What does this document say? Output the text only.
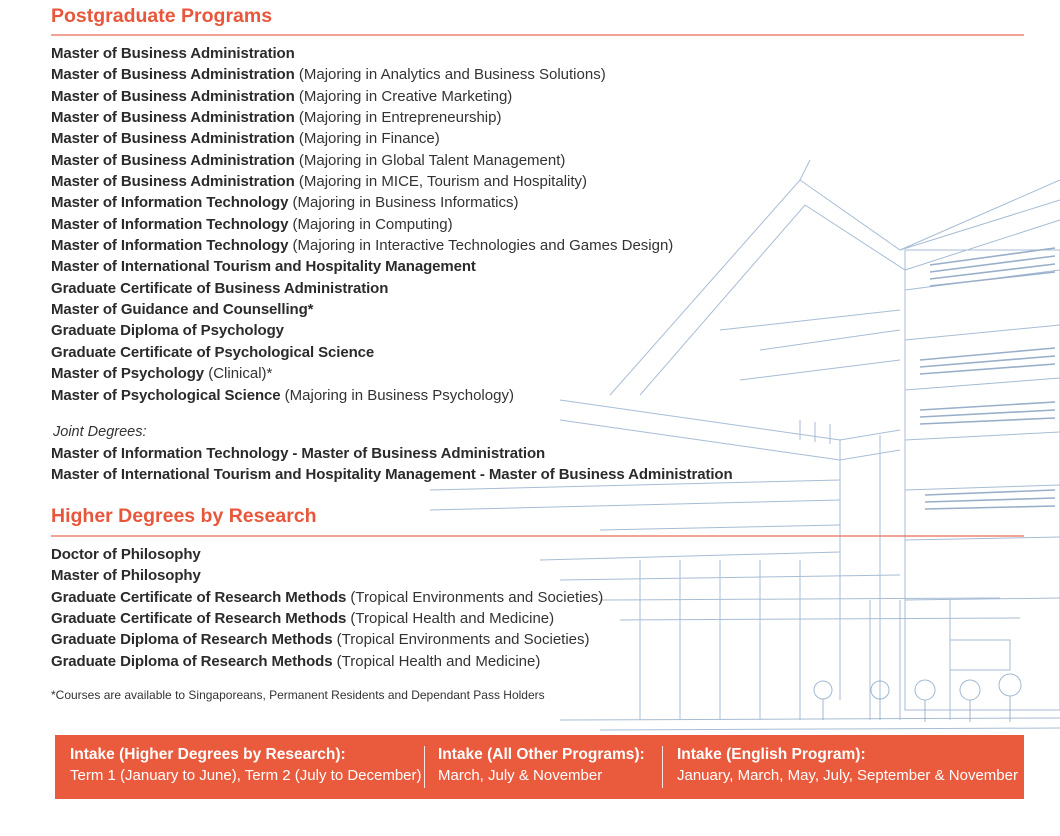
Postgraduate Programs
Master of Business Administration
Master of Business Administration (Majoring in Analytics and Business Solutions)
Master of Business Administration (Majoring in Creative Marketing)
Master of Business Administration (Majoring in Entrepreneurship)
Master of Business Administration (Majoring in Finance)
Master of Business Administration (Majoring in Global Talent Management)
Master of Business Administration (Majoring in MICE, Tourism and Hospitality)
Master of Information Technology (Majoring in Business Informatics)
Master of Information Technology (Majoring in Computing)
Master of Information Technology (Majoring in Interactive Technologies and Games Design)
Master of International Tourism and Hospitality Management
Graduate Certificate of Business Administration
Master of Guidance and Counselling*
Graduate Diploma of Psychology
Graduate Certificate of Psychological Science
Master of Psychology (Clinical)*
Master of Psychological Science (Majoring in Business Psychology)
Joint Degrees:
Master of Information Technology - Master of Business Administration
Master of International Tourism and Hospitality Management - Master of Business Administration
Higher Degrees by Research
Doctor of Philosophy
Master of Philosophy
Graduate Certificate of Research Methods (Tropical Environments and Societies)
Graduate Certificate of Research Methods (Tropical Health and Medicine)
Graduate Diploma of Research Methods (Tropical Environments and Societies)
Graduate Diploma of Research Methods (Tropical Health and Medicine)
*Courses are available to Singaporeans, Permanent Residents and Dependant Pass Holders
Intake (Higher Degrees by Research):
Term 1 (January to June), Term 2 (July to December)
Intake (All Other Programs):
March, July & November
Intake (English Program):
January, March, May, July, September & November
